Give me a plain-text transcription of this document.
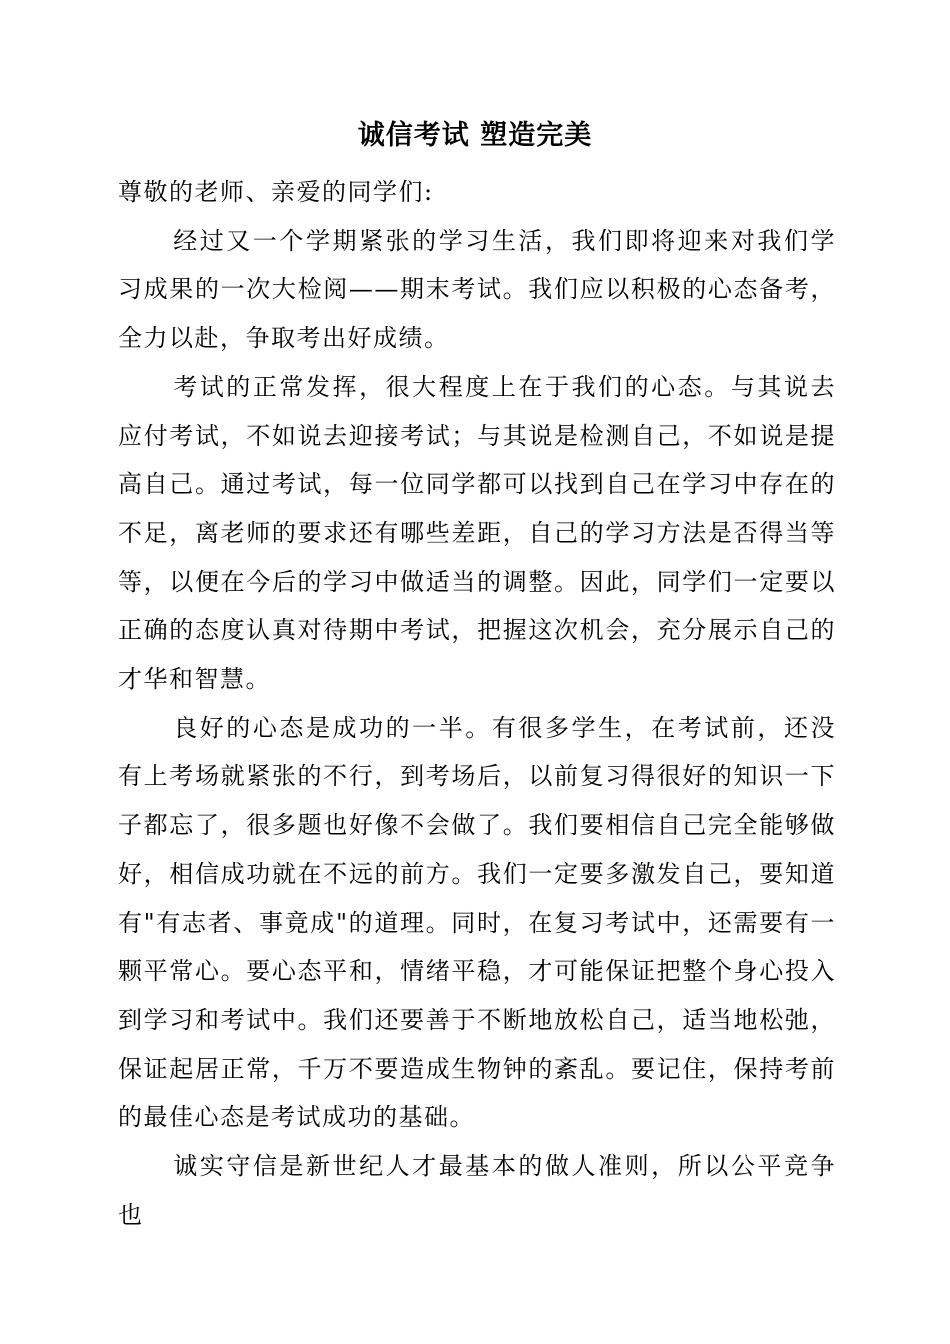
诚信考试 塑造完美

尊敬的老师、亲爱的同学们:

经过又一个学期紧张的学习生活，我们即将迎来对我们学习成果的一次大检阅——期末考试。我们应以积极的心态备考，全力以赴，争取考出好成绩。

考试的正常发挥，很大程度上在于我们的心态。与其说去应付考试，不如说去迎接考试；与其说是检测自己，不如说是提高自己。通过考试，每一位同学都可以找到自己在学习中存在的不足，离老师的要求还有哪些差距，自己的学习方法是否得当等等，以便在今后的学习中做适当的调整。因此，同学们一定要以正确的态度认真对待期中考试，把握这次机会，充分展示自己的才华和智慧。

良好的心态是成功的一半。有很多学生，在考试前，还没有上考场就紧张的不行，到考场后，以前复习得很好的知识一下子都忘了，很多题也好像不会做了。我们要相信自己完全能够做好，相信成功就在不远的前方。我们一定要多激发自己，要知道有"有志者、事竟成"的道理。同时，在复习考试中，还需要有一颗平常心。要心态平和，情绪平稳，才可能保证把整个身心投入到学习和考试中。我们还要善于不断地放松自己，适当地松弛，保证起居正常，千万不要造成生物钟的紊乱。要记住，保持考前的最佳心态是考试成功的基础。

诚实守信是新世纪人才最基本的做人准则，所以公平竞争也
